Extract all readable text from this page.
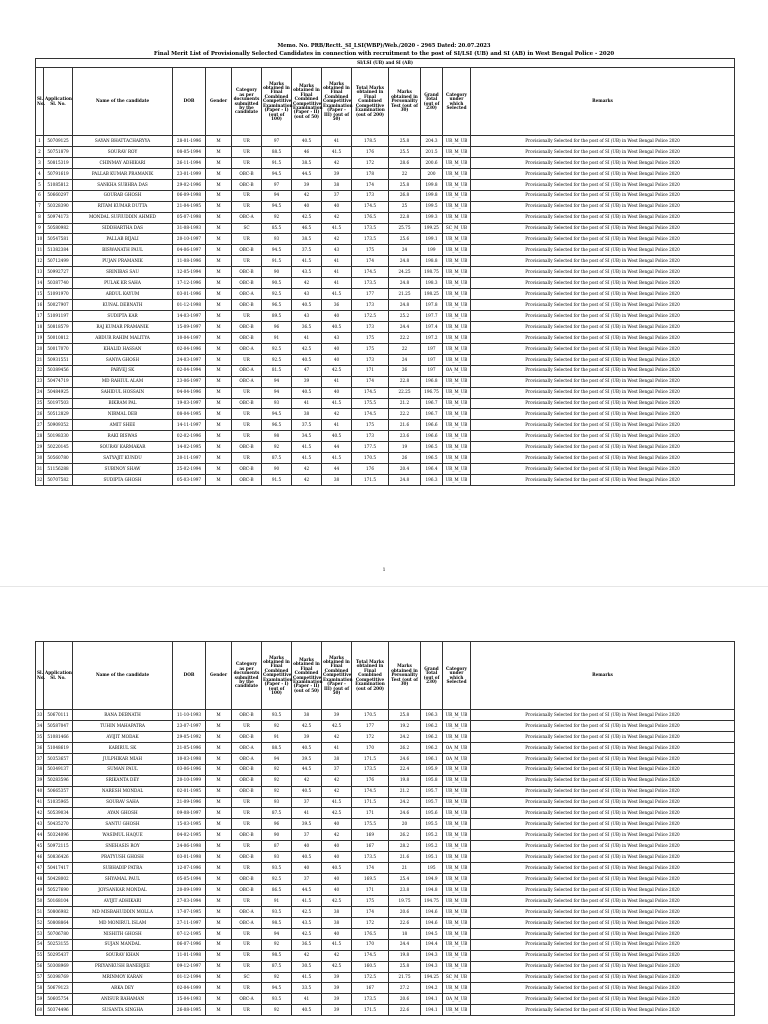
Memo. No. PRB/Rectt._SI_LSI(WBP)/Web./2020 - 2965 Dated: 20.07.2023
Final Merit List of Provisionally Selected Candidates in connection with recruitment to the post of SI/LSI (UB) and SI (AB) in West Bengal Police - 2020
SI/LSI (UB) and SI (AB)													
Sl. No.	Application Sl. No.	Name of the candidate	DOB	Gender	Category as per documents submitted by the candidate	Marks obtained in Final Combined Competitive Examination (Paper - I) (out of 100)	Marks obtained in Final Combined Competitive Examination (Paper - II) (out of 50)	Marks obtained in Final Combined Competitive Examination (Paper - III) (out of 50)	Total Marks obtained in Final Combined Competitive Examination (out of 200)	Marks obtained in Personality Test (out of 30)	Grand Total (out of 230)	Category under which Selected	Remarks
1	50709125	SAYAN BHATTACHARYYA	28-01-1996	M	UR	97	40.5	41	178.5	25.8	204.3	UR_M_UB	Provisionally Selected for the post of SI (UB) in West Bengal Police 2020
2	50751879	SOURAV ROY	08-05-1994	M	UR	88.5	46	41.5	176	25.5	201.5	UR_M_UB	Provisionally Selected for the post of SI (UB) in West Bengal Police 2020
3	50815319	CHINMAY ADHIKARI	26-11-1994	M	UR	91.5	38.5	42	172	28.6	200.6	UR_M_UB	Provisionally Selected for the post of SI (UB) in West Bengal Police 2020
4	50791619	PALLAB KUMAR PRAMANIK	23-01-1999	M	OBC-B	94.5	44.5	39	178	22	200	UR_M_UB	Provisionally Selected for the post of SI (UB) in West Bengal Police 2020
5	51085812	SANKHA SUBHRA DAS	29-02-1996	M	OBC-B	97	39	38	174	25.8	199.8	UR_M_UB	Provisionally Selected for the post of SI (UB) in West Bengal Police 2020
6	50660297	GOURAB GHOSH	06-09-1998	M	UR	94	42	37	173	26.8	199.8	UR_M_UB	Provisionally Selected for the post of SI (UB) in West Bengal Police 2020
7	50328390	RITAM KUMAR DUTTA	21-04-1995	M	UR	94.5	40	40	174.5	25	199.5	UR_M_UB	Provisionally Selected for the post of SI (UB) in West Bengal Police 2020
8	50974173	MONDAL SUFIUDDIN AHMED	05-07-1998	M	OBC-A	92	42.5	42	176.5	22.8	199.3	UR_M_UB	Provisionally Selected for the post of SI (UB) in West Bengal Police 2020
9	50580982	SIDDHARTHA DAS	31-08-1993	M	SC	85.5	46.5	41.5	173.5	25.75	199.25	SC_M_UB	Provisionally Selected for the post of SI (UB) in West Bengal Police 2020
10	50547581	PALLAB BIJALI	20-10-1997	M	UR	93	38.5	42	173.5	25.6	199.1	UR_M_UB	Provisionally Selected for the post of SI (UB) in West Bengal Police 2020
11	51382384	BISWANATH PAUL	04-06-1997	M	OBC-B	94.5	37.5	43	175	24	199	UR_M_UB	Provisionally Selected for the post of SI (UB) in West Bengal Police 2020
12	50712499	PUJAN PRAMANIK	11-08-1996	M	UR	91.5	41.5	41	174	24.8	198.8	UR_M_UB	Provisionally Selected for the post of SI (UB) in West Bengal Police 2020
13	50992727	SRINIBAS SAU	12-05-1994	M	OBC-B	90	43.5	41	174.5	24.25	198.75	UR_M_UB	Provisionally Selected for the post of SI (UB) in West Bengal Police 2020
14	50387740	PULAK KR SAHA	17-12-1996	M	OBC-B	90.5	42	41	173.5	24.8	198.3	UR_M_UB	Provisionally Selected for the post of SI (UB) in West Bengal Police 2020
15	51091970	ABDUL KAYUM	03-01-1996	M	OBC-A	92.5	43	41.5	177	21.25	198.25	UR_M_UB	Provisionally Selected for the post of SI (UB) in West Bengal Police 2020
16	50027907	KUNAL DEBNATH	01-12-1998	M	OBC-B	96.5	40.5	36	173	24.8	197.8	UR_M_UB	Provisionally Selected for the post of SI (UB) in West Bengal Police 2020
17	51091197	SUDIPTA KAR	14-03-1997	M	UR	89.5	43	40	172.5	25.2	197.7	UR_M_UB	Provisionally Selected for the post of SI (UB) in West Bengal Police 2020
18	50818579	RAJ KUMAR PRAMANIK	15-09-1997	M	OBC-B	96	36.5	40.5	173	24.4	197.4	UR_M_UB	Provisionally Selected for the post of SI (UB) in West Bengal Police 2020
19	50010812	ABDUR RAHIM MALITYA	10-04-1997	M	OBC-B	91	41	43	175	22.2	197.2	UR_M_UB	Provisionally Selected for the post of SI (UB) in West Bengal Police 2020
20	50017070	KHALID HASSAN	02-04-1996	M	OBC-A	92.5	42.5	40	175	22	197	UR_M_UB	Provisionally Selected for the post of SI (UB) in West Bengal Police 2020
21	50931551	SANYA GHOSH	24-03-1997	M	UR	92.5	40.5	40	173	24	197	UR_M_UB	Provisionally Selected for the post of SI (UB) in West Bengal Police 2020
22	50389456	PARVEJ SK	02-04-1994	M	OBC-A	81.5	47	42.5	171	26	197	OA_M_UB	Provisionally Selected for the post of SI (UB) in West Bengal Police 2020
23	50474719	MD RAHIUL ALAM	23-06-1997	M	OBC-A	94	39	41	174	22.8	196.8	UR_M_UB	Provisionally Selected for the post of SI (UB) in West Bengal Police 2020
24	50484925	SAHIDUL HOSSAIN	04-04-1996	M	UR	94	40.5	40	174.5	22.25	196.75	UR_M_UB	Provisionally Selected for the post of SI (UB) in West Bengal Police 2020
25	50197503	BIKRAM PAL	19-03-1997	M	OBC-B	93	41	41.5	175.5	21.2	196.7	UR_M_UB	Provisionally Selected for the post of SI (UB) in West Bengal Police 2020
26	50512829	NIRMAL DEB	08-04-1995	M	UR	94.5	38	42	174.5	22.2	196.7	UR_M_UB	Provisionally Selected for the post of SI (UB) in West Bengal Police 2020
27	50909352	AMIT SHEE	14-11-1997	M	UR	96.5	37.5	41	175	21.6	196.6	UR_M_UB	Provisionally Selected for the post of SI (UB) in West Bengal Police 2020
28	50198330	RAKI BISWAS	02-02-1996	M	UR	98	34.5	40.5	173	23.6	196.6	UR_M_UB	Provisionally Selected for the post of SI (UB) in West Bengal Police 2020
29	50220145	SOURAV KARMAKAR	14-02-1995	M	OBC-B	92	41.5	44	177.5	19	196.5	UR_M_UB	Provisionally Selected for the post of SI (UB) in West Bengal Police 2020
30	50560780	SATYAJIT KUNDU	20-11-1997	M	UR	87.5	41.5	41.5	170.5	26	196.5	UR_M_UB	Provisionally Selected for the post of SI (UB) in West Bengal Police 2020
31	51156288	SUBINOY SHAW	25-02-1994	M	OBC-B	90	42	44	176	20.4	196.4	UR_M_UB	Provisionally Selected for the post of SI (UB) in West Bengal Police 2020
32	50707582	SUDIPTA GHOSH	05-03-1997	M	OBC-B	91.5	42	38	171.5	24.8	196.3	UR_M_UB	Provisionally Selected for the post of SI (UB) in West Bengal Police 2020
1
Sl. No.	Application Sl. No.	Name of the candidate	DOB	Gender	Category as per documents submitted by the candidate	Marks obtained in Final Combined Competitive Examination (Paper - I) (out of 100)	Marks obtained in Final Combined Competitive Examination (Paper - II) (out of 50)	Marks obtained in Final Combined Competitive Examination (Paper - III) (out of 50)	Total Marks obtained in Final Combined Competitive Examination (out of 200)	Marks obtained in Personality Test (out of 30)	Grand Total (out of 230)	Category under which Selected	Remarks
33	50670111	RANA DEBNATH	11-10-1993	M	OBC-B	93.5	38	39	170.5	25.8	196.3	UR_M_UB	Provisionally Selected for the post of SI (UB) in West Bengal Police 2020
34	50587047	TUHIN MAHAPATRA	23-07-1997	M	UR	92	42.5	42.5	177	19.2	196.2	UR_M_UB	Provisionally Selected for the post of SI (UB) in West Bengal Police 2020
35	51081466	AVIJIT MODAK	29-05-1992	M	OBC-B	91	39	42	172	24.2	196.2	UR_M_UB	Provisionally Selected for the post of SI (UB) in West Bengal Police 2020
36	51048619	KABIRUL SK	21-05-1996	M	OBC-A	88.5	40.5	41	170	26.2	196.2	OA_M_UB	Provisionally Selected for the post of SI (UB) in West Bengal Police 2020
37	50353657	JULPHIKAR MIAH	10-03-1998	M	OBC-A	94	39.5	38	171.5	24.6	196.1	OA_M_UB	Provisionally Selected for the post of SI (UB) in West Bengal Police 2020
38	50349137	SUMAN PAUL	03-06-1996	M	OBC-B	92	44.5	37	173.5	22.4	195.9	UR_M_UB	Provisionally Selected for the post of SI (UB) in West Bengal Police 2020
39	50283596	SRIKANTA DEY	20-10-1999	M	OBC-B	92	42	42	176	19.8	195.8	UR_M_UB	Provisionally Selected for the post of SI (UB) in West Bengal Police 2020
40	50665357	NARESH MONDAL	02-01-1995	M	OBC-B	92	40.5	42	174.5	21.2	195.7	UR_M_UB	Provisionally Selected for the post of SI (UB) in West Bengal Police 2020
41	51035965	SOURAV SAHA	21-09-1996	M	UR	93	37	41.5	171.5	24.2	195.7	UR_M_UB	Provisionally Selected for the post of SI (UB) in West Bengal Police 2020
42	50539034	AYAN GHOSH	09-08-1997	M	UR	87.5	41	42.5	171	24.6	195.6	UR_M_UB	Provisionally Selected for the post of SI (UB) in West Bengal Police 2020
43	50435270	SANTU GHOSH	15-03-1995	M	UR	96	39.5	40	175.5	20	195.5	UR_M_UB	Provisionally Selected for the post of SI (UB) in West Bengal Police 2020
44	50324096	WASIMUL HAQUE	04-02-1995	M	OBC-B	90	37	42	169	26.2	195.2	UR_M_UB	Provisionally Selected for the post of SI (UB) in West Bengal Police 2020
45	50972115	SNEHASIS ROY	24-06-1998	M	UR	87	40	40	167	28.2	195.2	UR_M_UB	Provisionally Selected for the post of SI (UB) in West Bengal Police 2020
46	50836426	PRATYUSH GHOSH	03-01-1998	M	OBC-B	93	40.5	40	173.5	21.6	195.1	UR_M_UB	Provisionally Selected for the post of SI (UB) in West Bengal Police 2020
47	50417417	SUBHADIP PATRA	12-07-1996	M	UR	93.5	40	40.5	174	21	195	UR_M_UB	Provisionally Selected for the post of SI (UB) in West Bengal Police 2020
48	50428002	SHYAMAL PAUL	05-05-1994	M	OBC-B	92.5	37	40	169.5	25.4	194.9	UR_M_UB	Provisionally Selected for the post of SI (UB) in West Bengal Police 2020
49	50527690	JOYSANKAR MONDAL	20-09-1999	M	OBC-B	86.5	44.5	40	171	23.8	194.8	UR_M_UB	Provisionally Selected for the post of SI (UB) in West Bengal Police 2020
50	50168104	AVIJIT ADHIKARI	27-03-1994	M	UR	91	41.5	42.5	175	19.75	194.75	UR_M_UB	Provisionally Selected for the post of SI (UB) in West Bengal Police 2020
51	50806982	MD MISBAHUDDIN MOLLA	17-07-1995	M	OBC-A	93.5	42.5	38	174	20.6	194.6	UR_M_UB	Provisionally Selected for the post of SI (UB) in West Bengal Police 2020
52	50808864	MD MONIRUL ISLAM	27-11-1997	M	OBC-A	98.5	43.5	38	172	22.6	194.6	UR_M_UB	Provisionally Selected for the post of SI (UB) in West Bengal Police 2020
53	50706780	NISHITH GHOSH	07-12-1995	M	UR	94	42.5	40	176.5	18	194.5	UR_M_UB	Provisionally Selected for the post of SI (UB) in West Bengal Police 2020
54	50253155	SUJAN MANDAL	06-07-1996	M	UR	92	36.5	41.5	170	24.4	194.4	UR_M_UB	Provisionally Selected for the post of SI (UB) in West Bengal Police 2020
55	50295437	SOURAV KHAN	11-01-1998	M	UR	98.5	42	42	174.5	19.8	194.3	UR_M_UB	Provisionally Selected for the post of SI (UB) in West Bengal Police 2020
56	50308969	PRIYANKUSH BANERJEE	09-12-1997	M	UR	87.5	30.5	42.5	160.5	25.8	194.3	UR_M_UB	Provisionally Selected for the post of SI (UB) in West Bengal Police 2020
57	50398769	MRINMOY KARAN	01-12-1994	M	SC	92	41.5	39	172.5	21.75	194.25	SC_M_UB	Provisionally Selected for the post of SI (UB) in West Bengal Police 2020
58	50679123	ARKA DEY	02-04-1999	M	UR	94.5	33.5	39	167	27.2	194.2	UR_M_UB	Provisionally Selected for the post of SI (UB) in West Bengal Police 2020
59	50605754	ANISUR RAHAMAN	15-04-1993	M	OBC-A	93.5	41	39	173.5	20.6	194.1	OA_M_UB	Provisionally Selected for the post of SI (UB) in West Bengal Police 2020
60	50374496	SUSANTA SINGHA	26-08-1995	M	UR	92	40.5	39	171.5	22.6	194.1	UR_M_UB	Provisionally Selected for the post of SI (UB) in West Bengal Police 2020
